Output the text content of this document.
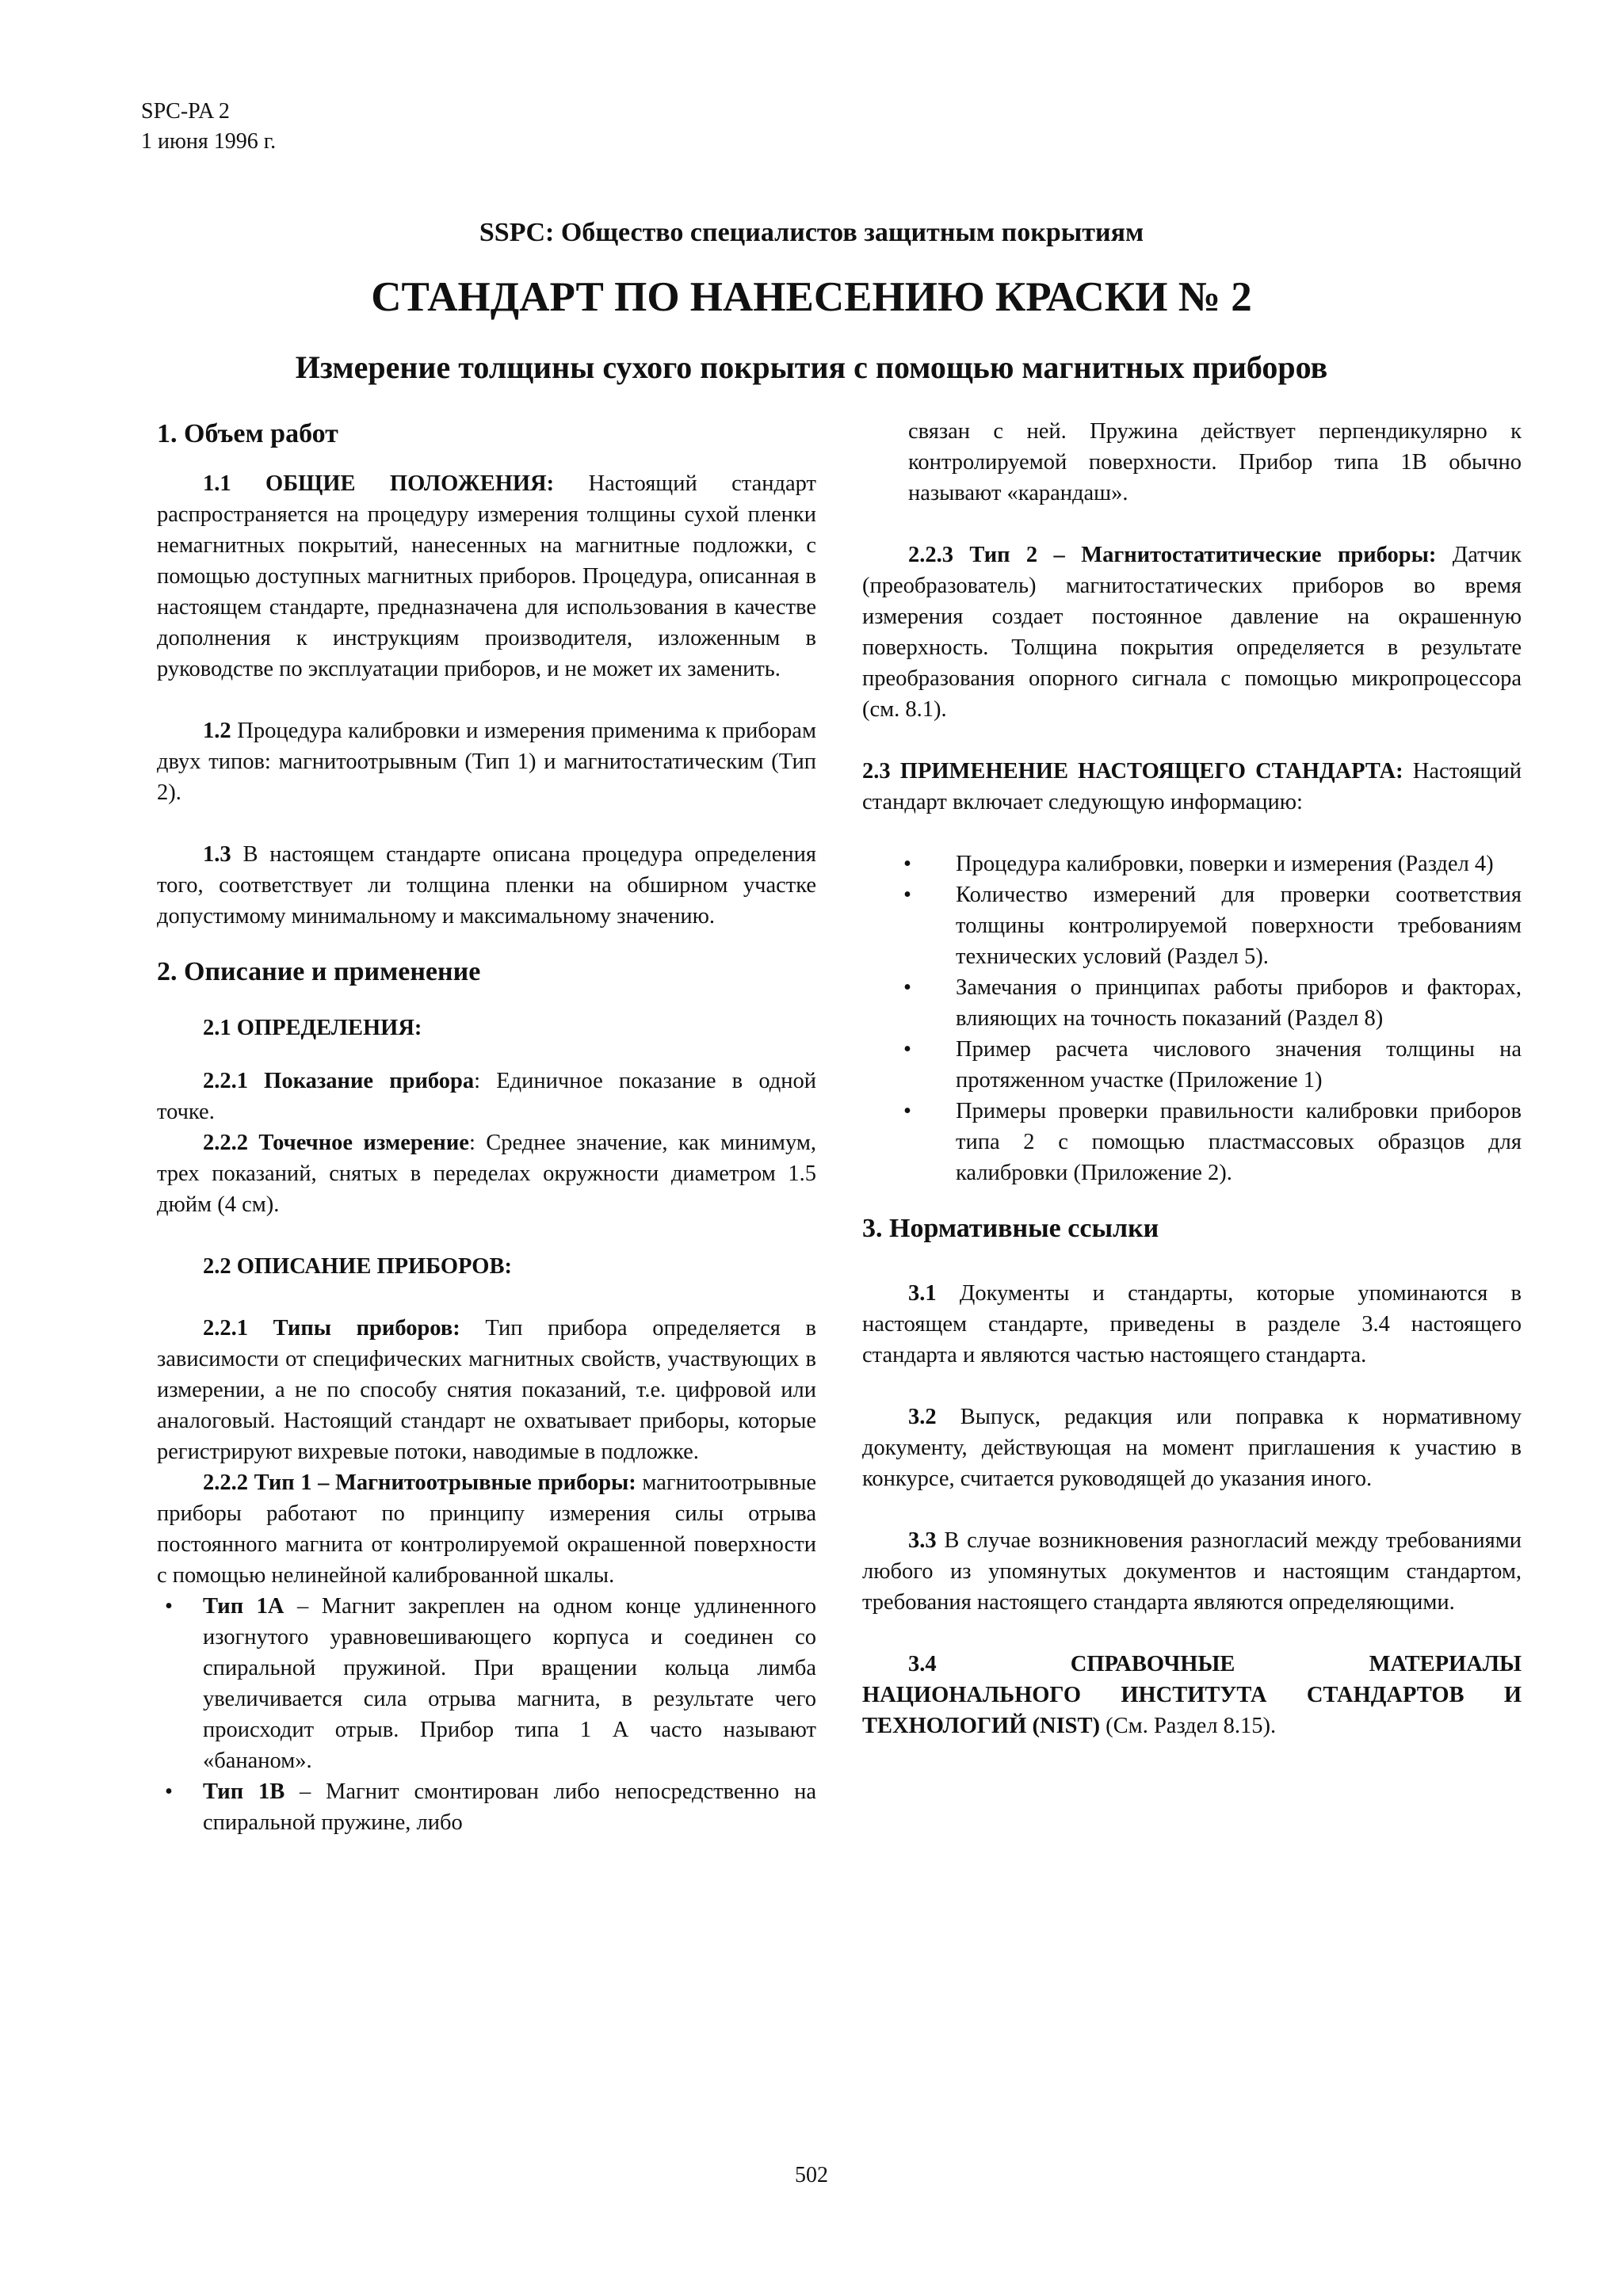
SPC-PA 2
1 июня 1996 г.
SSPC: Общество специалистов защитным покрытиям
СТАНДАРТ ПО НАНЕСЕНИЮ КРАСКИ № 2
Измерение толщины сухого покрытия с помощью магнитных приборов
1. Объем работ

1.1 ОБЩИЕ ПОЛОЖЕНИЯ: Настоящий стандарт распространяется на процедуру измерения толщины сухой пленки немагнитных покрытий, нанесенных на магнитные подложки, с помощью доступных магнитных приборов. Процедура, описанная в настоящем стандарте, предназначена для использования в качестве дополнения к инструкциям производителя, изложенным в руководстве по эксплуатации приборов, и не может их заменить.

1.2 Процедура калибровки и измерения применима к приборам двух типов: магнитоотрывным (Тип 1) и магнитостатическим (Тип 2).

1.3 В настоящем стандарте описана процедура определения того, соответствует ли толщина пленки на обширном участке допустимому минимальному и максимальному значению.

2. Описание и применение

2.1 ОПРЕДЕЛЕНИЯ:

2.2.1 Показание прибора: Единичное показание в одной точке.

2.2.2 Точечное измерение: Среднее значение, как минимум, трех показаний, снятых в переделах окружности диаметром 1.5 дюйм (4 см).

2.2 ОПИСАНИЕ ПРИБОРОВ:

2.2.1 Типы приборов: Тип прибора определяется в зависимости от специфических магнитных свойств, участвующих в измерении, а не по способу снятия показаний, т.е. цифровой или аналоговый. Настоящий стандарт не охватывает приборы, которые регистрируют вихревые потоки, наводимые в подложке.

2.2.2 Тип 1 – Магнитоотрывные приборы: магнитоотрывные приборы работают по принципу измерения силы отрыва постоянного магнита от контролируемой окрашенной поверхности с помощью нелинейной калиброванной шкалы.

• Тип 1А – Магнит закреплен на одном конце удлиненного изогнутого уравновешивающего корпуса и соединен со спиральной пружиной. При вращении кольца лимба увеличивается сила отрыва магнита, в результате чего происходит отрыв. Прибор типа 1 А часто называют «бананом».
• Тип 1В – Магнит смонтирован либо непосредственно на спиральной пружине, либо

связан с ней. Пружина действует перпендикулярно к контролируемой поверхности. Прибор типа 1В обычно называют «карандаш».

2.2.3 Тип 2 – Магнитостатитические приборы: Датчик (преобразователь) магнитостатических приборов во время измерения создает постоянное давление на окрашенную поверхность. Толщина покрытия определяется в результате преобразования опорного сигнала с помощью микропроцессора (см. 8.1).

2.3 ПРИМЕНЕНИЕ НАСТОЯЩЕГО СТАНДАРТА: Настоящий стандарт включает следующую информацию:

• Процедура калибровки, поверки и измерения (Раздел 4)
• Количество измерений для проверки соответствия толщины контролируемой поверхности требованиям технических условий (Раздел 5).
• Замечания о принципах работы приборов и факторах, влияющих на точность показаний (Раздел 8)
• Пример расчета числового значения толщины на протяженном участке (Приложение 1)
• Примеры проверки правильности калибровки приборов типа 2 с помощью пластмассовых образцов для калибровки (Приложение 2).
3. Нормативные ссылки

3.1 Документы и стандарты, которые упоминаются в настоящем стандарте, приведены в разделе 3.4 настоящего стандарта и являются частью настоящего стандарта.

3.2 Выпуск, редакция или поправка к нормативному документу, действующая на момент приглашения к участию в конкурсе, считается руководящей до указания иного.

3.3 В случае возникновения разногласий между требованиями любого из упомянутых документов и настоящим стандартом, требования настоящего стандарта являются определяющими.

3.4	СПРАВОЧНЫЕ	МАТЕРИАЛЫ

НАЦИОНАЛЬНОГО ИНСТИТУТА СТАНДАРТОВ И ТЕХНОЛОГИЙ (NIST) (См. Раздел 8.15).

502
